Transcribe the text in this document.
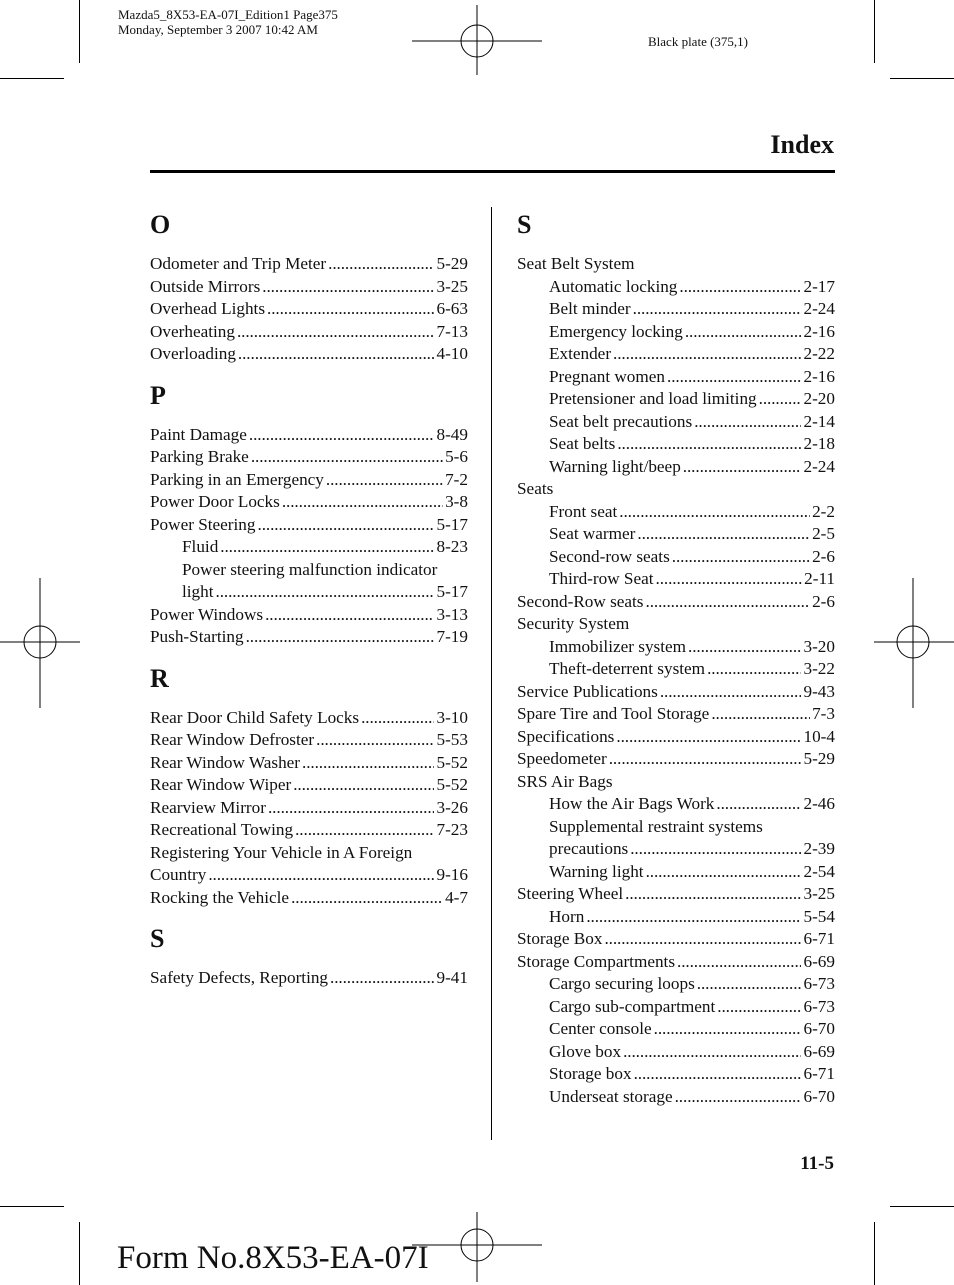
Mazda5_8X53-EA-07I_Edition1 Page375
Monday, September 3 2007 10:42 AM
Black plate (375,1)
Index
O
Odometer and Trip Meter . . .	5-29
Outside Mirrors . . .	3-25
Overhead Lights . . .	6-63
Overheating . . .	7-13
Overloading . . .	4-10
P
Paint Damage . . .	8-49
Parking Brake . . .	5-6
Parking in an Emergency . . .	7-2
Power Door Locks . . .	3-8
Power Steering . . .	5-17
Fluid . . .	8-23
Power steering malfunction indicator
light . . .	5-17
Power Windows . . .	3-13
Push-Starting . . .	7-19
R
Rear Door Child Safety Locks . . .	3-10
Rear Window Defroster . . .	5-53
Rear Window Washer . . .	5-52
Rear Window Wiper . . .	5-52
Rearview Mirror . . .	3-26
Recreational Towing . . .	7-23
Registering Your Vehicle in A Foreign
Country . . .	9-16
Rocking the Vehicle . . .	4-7
S
Safety Defects, Reporting . . .	9-41
S
Seat Belt System
Automatic locking . . .	2-17
Belt minder . . .	2-24
Emergency locking . . .	2-16
Extender . . .	2-22
Pregnant women . . .	2-16
Pretensioner and load limiting . . .	2-20
Seat belt precautions . . .	2-14
Seat belts . . .	2-18
Warning light/beep . . .	2-24
Seats
Front seat . . .	2-2
Seat warmer . . .	2-5
Second-row seats . . .	2-6
Third-row Seat . . .	2-11
Second-Row seats . . .	2-6
Security System
Immobilizer system . . .	3-20
Theft-deterrent system . . .	3-22
Service Publications . . .	9-43
Spare Tire and Tool Storage . . .	7-3
Specifications . . .	10-4
Speedometer . . .	5-29
SRS Air Bags
How the Air Bags Work . . .	2-46
Supplemental restraint systems
precautions . . .	2-39
Warning light . . .	2-54
Steering Wheel . . .	3-25
Horn . . .	5-54
Storage Box . . .	6-71
Storage Compartments . . .	6-69
Cargo securing loops . . .	6-73
Cargo sub-compartment . . .	6-73
Center console . . .	6-70
Glove box . . .	6-69
Storage box . . .	6-71
Underseat storage . . .	6-70
11-5
Form No.8X53-EA-07I
